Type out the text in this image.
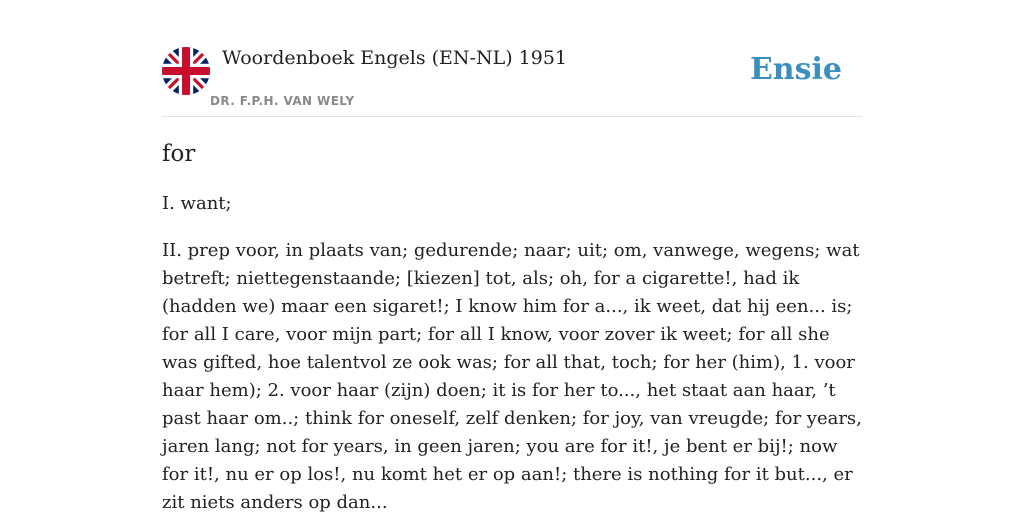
Woordenboek Engels (EN-NL) 1951
DR. F.P.H. VAN WELY
Ensie
for

I. want;

II. prep voor, in plaats van; gedurende; naar; uit; om, vanwege, wegens; wat betreft; niettegenstaande; [kiezen] tot, als; oh, for a cigarette!, had ik (hadden we) maar een sigaret!; I know him for a..., ik weet, dat hij een... is; for all I care, voor mijn part; for all I know, voor zover ik weet; for all she was gifted, hoe talentvol ze ook was; for all that, toch; for her (him), 1. voor haar hem); 2. voor haar (zijn) doen; it is for her to..., het staat aan haar, ’t past haar om..; think for oneself, zelf denken; for joy, van vreugde; for years, jaren lang; not for years, in geen jaren; you are for it!, je bent er bij!; now for it!, nu er op los!, nu komt het er op aan!; there is nothing for it but..., er zit niets anders op dan...
